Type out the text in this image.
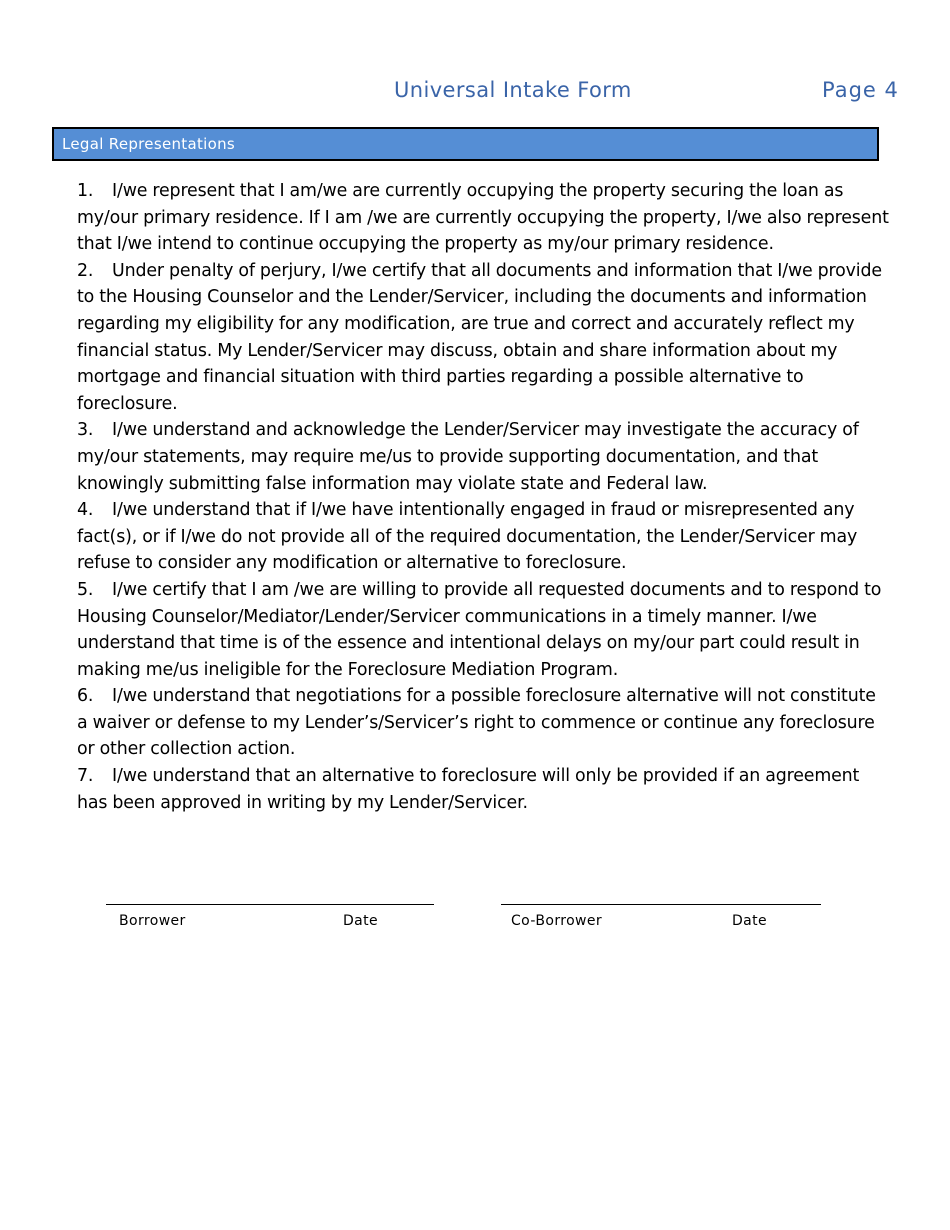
Universal Intake Form	Page 4
Legal Representations
1. I/we represent that I am/we are currently occupying the property securing the loan as my/our primary residence. If I am /we are currently occupying the property, I/we also represent that I/we intend to continue occupying the property as my/our primary residence.
2. Under penalty of perjury, I/we certify that all documents and information that I/we provide to the Housing Counselor and the Lender/Servicer, including the documents and information regarding my eligibility for any modification, are true and correct and accurately reflect my financial status. My Lender/Servicer may discuss, obtain and share information about my mortgage and financial situation with third parties regarding a possible alternative to foreclosure.
3. I/we understand and acknowledge the Lender/Servicer may investigate the accuracy of my/our statements, may require me/us to provide supporting documentation, and that knowingly submitting false information may violate state and Federal law.
4. I/we understand that if I/we have intentionally engaged in fraud or misrepresented any fact(s), or if I/we do not provide all of the required documentation, the Lender/Servicer may refuse to consider any modification or alternative to foreclosure.
5. I/we certify that I am /we are willing to provide all requested documents and to respond to Housing Counselor/Mediator/Lender/Servicer communications in a timely manner. I/we understand that time is of the essence and intentional delays on my/our part could result in making me/us ineligible for the Foreclosure Mediation Program.
6. I/we understand that negotiations for a possible foreclosure alternative will not constitute a waiver or defense to my Lender’s/Servicer’s right to commence or continue any foreclosure or other collection action.
7. I/we understand that an alternative to foreclosure will only be provided if an agreement has been approved in writing by my Lender/Servicer.
Borrower	Date	Co-Borrower	Date
